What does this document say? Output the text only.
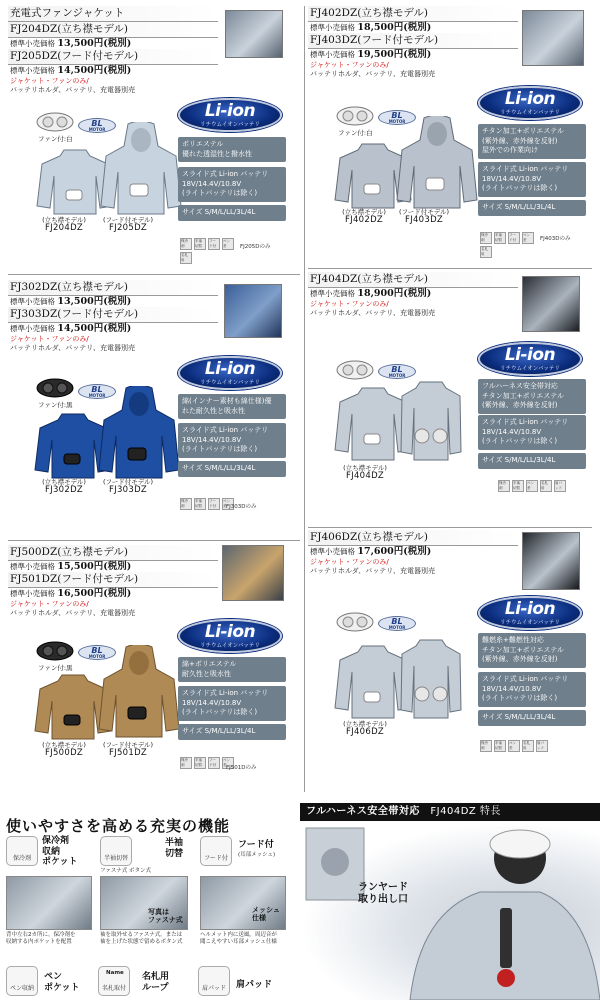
充電式ファンジャケット
FJ204DZ(立ち襟モデル)
標準小売価格 13,500円(税別)
FJ205DZ(フード付モデル)
標準小売価格 14,500円(税別)
ジャケット・ファンのみ/
バッテリホルダ、バッテリ、充電器別売
ファン付:白
BL
MOTOR
Li-ion
リチウムイオンバッテリ
ポリエステル
優れた透湿性と撥水性
スライド式 Li-ion バッテリ
18V/14.4V/10.8V
(ライトバッテリは除く)
サイズ S/M/L/LL/3L/4L
(立ち襟モデル)
FJ204DZ
(フード付モデル)
FJ205DZ
保冷剤
半袖切替
フード付
ペン差
名札用
FJ205Dのみ
FJ402DZ(立ち襟モデル)
標準小売価格 18,500円(税別)
FJ403DZ(フード付モデル)
標準小売価格 19,500円(税別)
ジャケット・ファンのみ/
バッテリホルダ、バッテリ、充電器別売
ファン付:白
BL
MOTOR
Li-ion
リチウムイオンバッテリ
チタン加工+ポリエステル
(紫外線、赤外線を反射)
屋外での作業向け
スライド式 Li-ion バッテリ
18V/14.4V/10.8V
(ライトバッテリは除く)
サイズ S/M/L/LL/3L/4L
(立ち襟モデル)
FJ402DZ
(フード付モデル)
FJ403DZ
保冷剤
半袖切替
フード付
ペン差
名札用
FJ403Dのみ
FJ302DZ(立ち襟モデル)
標準小売価格 13,500円(税別)
FJ303DZ(フード付モデル)
標準小売価格 14,500円(税別)
ジャケット・ファンのみ/
バッテリホルダ、バッテリ、充電器別売
ファン付:黒
BL
MOTOR
Li-ion
リチウムイオンバッテリ
綿(インナー素材も綿仕様)優
れた耐久性と吸水性
スライド式 Li-ion バッテリ
18V/14.4V/10.8V
(ライトバッテリは除く)
サイズ S/M/L/LL/3L/4L
(立ち襟モデル)
FJ302DZ
(フード付モデル)
FJ303DZ
保冷剤
半袖切替
フード付
ペン差 FJ303Dのみ
FJ404DZ(立ち襟モデル)
標準小売価格 18,900円(税別)
ジャケット・ファンのみ/
バッテリホルダ、バッテリ、充電器別売
BL
MOTOR
Li-ion
リチウムイオンバッテリ
フルハーネス安全帯対応
チタン加工+ポリエステル
(紫外線、赤外線を反射)
スライド式 Li-ion バッテリ
18V/14.4V/10.8V
(ライトバッテリは除く)
サイズ S/M/L/LL/3L/4L
(立ち襟モデル)
FJ404DZ
保冷剤
半袖切替
ペン差
名札用
肩パッド
FJ500DZ(立ち襟モデル)
標準小売価格 15,500円(税別)
FJ501DZ(フード付モデル)
標準小売価格 16,500円(税別)
ジャケット・ファンのみ/
バッテリホルダ、バッテリ、充電器別売
ファン付:黒
BL
MOTOR
Li-ion
リチウムイオンバッテリ
綿+ポリエステル
耐久性と吸水性
スライド式 Li-ion バッテリ
18V/14.4V/10.8V
(ライトバッテリは除く)
サイズ S/M/L/LL/3L/4L
(立ち襟モデル)
FJ500DZ
(フード付モデル)
FJ501DZ
保冷剤
半袖切替
フード付
ペン差 FJ501Dのみ
FJ406DZ(立ち襟モデル)
標準小売価格 17,600円(税別)
ジャケット・ファンのみ/
バッテリホルダ、バッテリ、充電器別売
BL
MOTOR
Li-ion
リチウムイオンバッテリ
難燃糸+難燃性対応
チタン加工+ポリエステル
(紫外線、赤外線を反射)
スライド式 Li-ion バッテリ
18V/14.4V/10.8V
(ライトバッテリは除く)
サイズ S/M/L/LL/3L/4L
(立ち襟モデル)
FJ406DZ
保冷剤
半袖切替
ペン差
名札用
肩パッド
使いやすさを高める充実の機能
保冷剤
保冷剤
収納
ポケット
背中左右2カ所に。保冷剤を
収納する内ポケットを配置
半袖切替
ファスナ式 ボタン式
半袖
切替
写真は
ファスナ式
袖を取外せるファスナ式。または
袖を上げた状態で留めるボタン式
フード付
フード付
(耳部メッシュ)
メッシュ
仕様
ヘルメット内に送風。周辺音が
聞こえやすい耳部メッシュ仕様
ペン収納
ペン
ポケット	名札取付
Name 名札用
ループ	肩パッド	肩パッド
フルハーネス安全帯対応　 FJ404DZ 特長
ランヤード
取り出し口
